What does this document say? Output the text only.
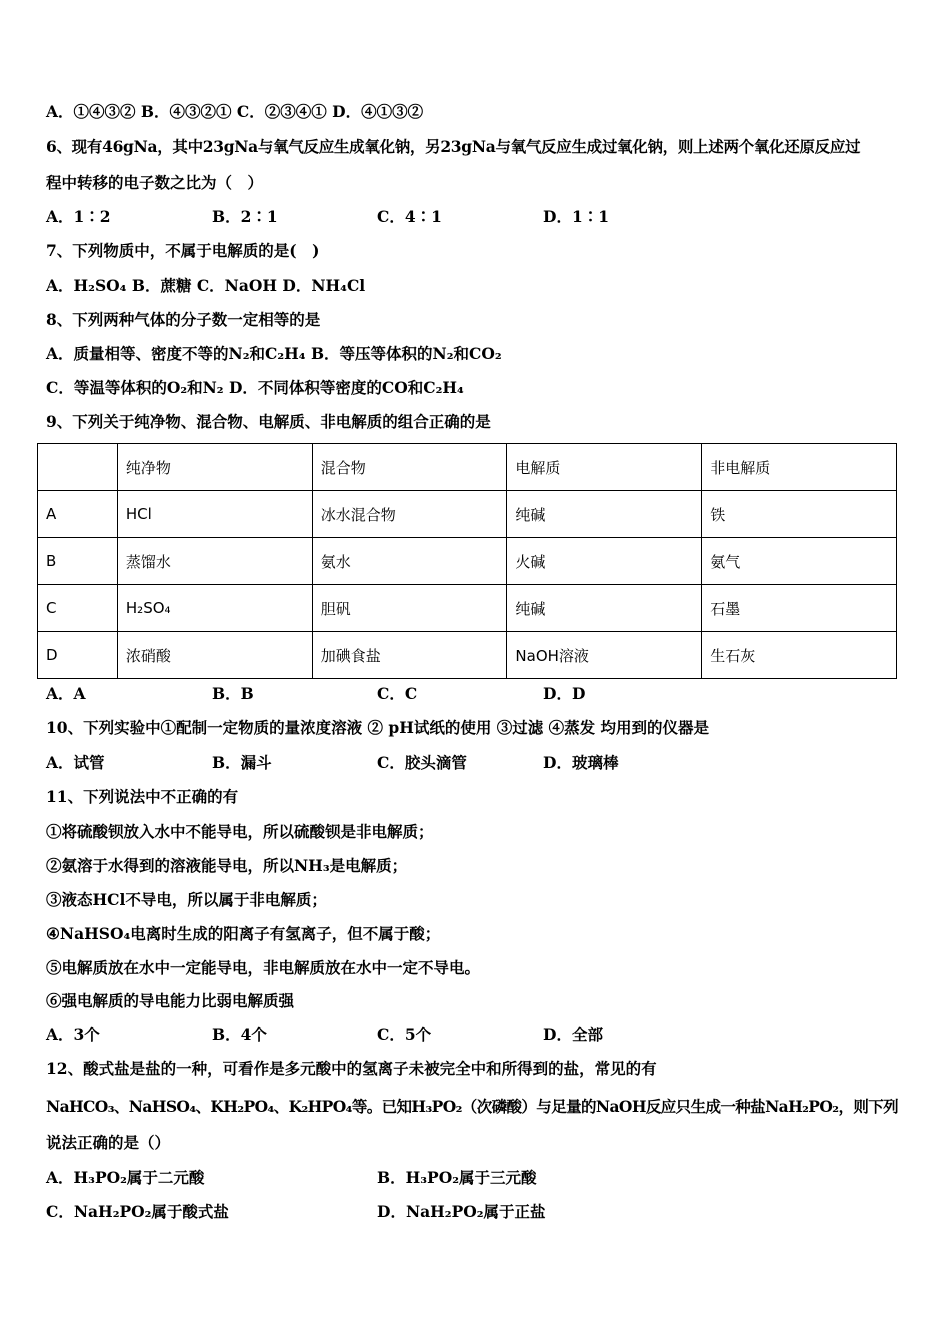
A．①④③② B．④③②① C．②③④① D．④①③②
6、现有46gNa，其中23gNa与氧气反应生成氧化钠，另23gNa与氧气反应生成过氧化钠，则上述两个氧化还原反应过
程中转移的电子数之比为（　）
A．1∶2	B．2∶1	C．4∶1	D．1∶1
7、下列物质中，不属于电解质的是(　)
A．H₂SO₄ B．蔗糖 C．NaOH D．NH₄Cl
8、下列两种气体的分子数一定相等的是
A．质量相等、密度不等的N₂和C₂H₄ B．等压等体积的N₂和CO₂
C．等温等体积的O₂和N₂ D．不同体积等密度的CO和C₂H₄
9、下列关于纯净物、混合物、电解质、非电解质的组合正确的是
	纯净物	混合物	电解质	非电解质
A	HCl	冰水混合物	纯碱	铁
B	蒸馏水	氨水	火碱	氨气
C	H₂SO₄	胆矾	纯碱	石墨
D	浓硝酸	加碘食盐	NaOH溶液	生石灰
A．A	B．B	C．C	D．D
10、下列实验中①配制一定物质的量浓度溶液 ② pH试纸的使用 ③过滤 ④蒸发 均用到的仪器是
A．试管	B．漏斗	C．胶头滴管	D．玻璃棒
11、下列说法中不正确的有
①将硫酸钡放入水中不能导电，所以硫酸钡是非电解质；
②氨溶于水得到的溶液能导电，所以NH₃是电解质；
③液态HCl不导电，所以属于非电解质；
④NaHSO₄电离时生成的阳离子有氢离子，但不属于酸；
⑤电解质放在水中一定能导电，非电解质放在水中一定不导电。
⑥强电解质的导电能力比弱电解质强
A．3个	B．4个	C．5个	D．全部
12、酸式盐是盐的一种，可看作是多元酸中的氢离子未被完全中和所得到的盐，常见的有
NaHCO₃、NaHSO₄、KH₂PO₄、K₂HPO₄等。已知H₃PO₂（次磷酸）与足量的NaOH反应只生成一种盐NaH₂PO₂，则下列
说法正确的是（）
A．H₃PO₂属于二元酸	B．H₃PO₂属于三元酸
C．NaH₂PO₂属于酸式盐	D．NaH₂PO₂属于正盐
